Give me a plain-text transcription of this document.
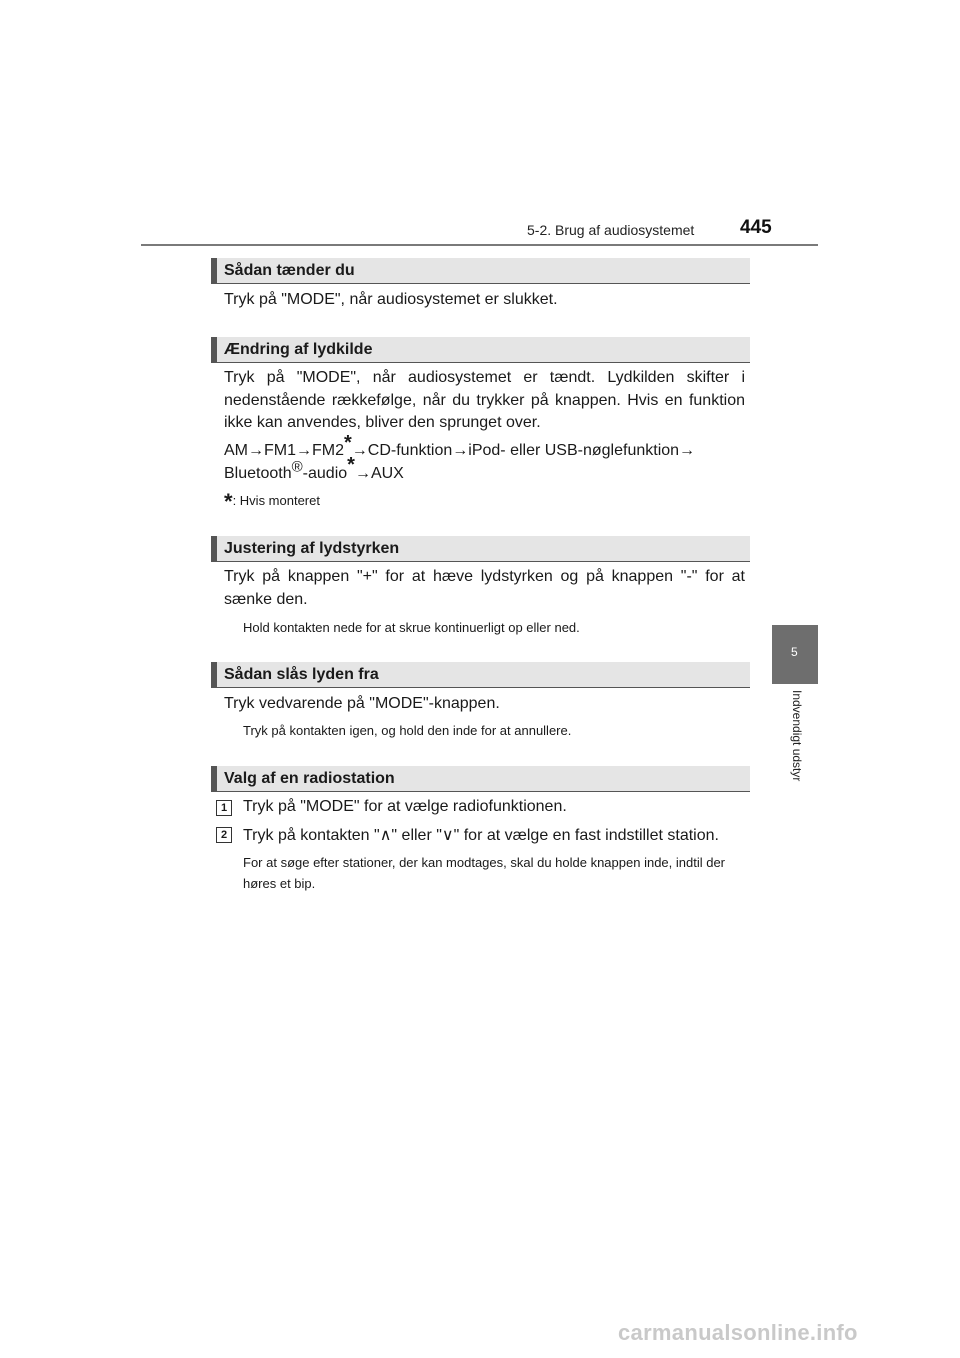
5-2. Brug af audiosystemet 445
5
Indvendigt udstyr
Sådan tænder du
Tryk på "MODE", når audiosystemet er slukket.
Ændring af lydkilde
Tryk på "MODE", når audiosystemet er tændt. Lydkilden skifter i nedenstående rækkefølge, når du trykker på knappen. Hvis en funktion ikke kan anvendes, bliver den sprunget over.
AM→FM1→FM2*→CD-funktion→iPod- eller USB-nøglefunktion→
Bluetooth®-audio*→AUX
*: Hvis monteret
Justering af lydstyrken
Tryk på knappen "+" for at hæve lydstyrken og på knappen "-" for at sænke den.
Hold kontakten nede for at skrue kontinuerligt op eller ned.
Sådan slås lyden fra
Tryk vedvarende på "MODE"-knappen.
Tryk på kontakten igen, og hold den inde for at annullere.
Valg af en radiostation
1 Tryk på "MODE" for at vælge radiofunktionen.
2 Tryk på kontakten "∧" eller "∨" for at vælge en fast indstillet station.
For at søge efter stationer, der kan modtages, skal du holde knappen inde, indtil der høres et bip.
carmanualsonline.info
